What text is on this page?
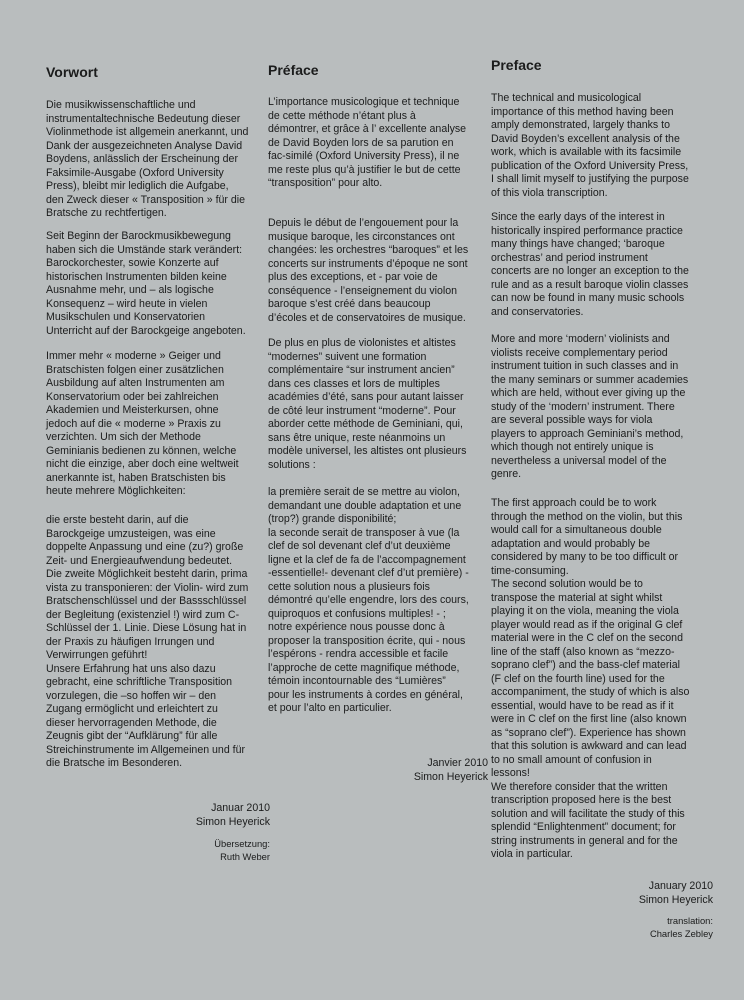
Vorwort
Die musikwissenschaftliche und
instrumentaltechnische Bedeutung dieser
Violinmethode ist allgemein anerkannt, und
Dank der ausgezeichneten Analyse David
Boydens, anlässlich der Erscheinung der
Faksimile-Ausgabe (Oxford University
Press), bleibt mir lediglich die Aufgabe,
den Zweck dieser « Transposition » für die
Bratsche zu rechtfertigen.
Seit Beginn der Barockmusikbewegung
haben sich die Umstände stark verändert:
Barockorchester, sowie Konzerte auf
historischen Instrumenten bilden keine
Ausnahme mehr, und – als logische
Konsequenz – wird heute in vielen
Musikschulen und Konservatorien
Unterricht auf der Barockgeige angeboten.
Immer mehr « moderne » Geiger und
Bratschisten folgen einer zusätzlichen
Ausbildung auf alten Instrumenten am
Konservatorium oder bei zahlreichen
Akademien und Meisterkursen, ohne
jedoch auf die « moderne » Praxis zu
verzichten. Um sich der Methode
Geminianis bedienen zu können, welche
nicht die einzige, aber doch eine weltweit
anerkannte ist, haben Bratschisten bis
heute mehrere Möglichkeiten:
die erste besteht darin, auf die
Barockgeige umzusteigen, was eine
doppelte Anpassung und eine (zu?) große
Zeit- und Energieaufwendung bedeutet.
Die zweite Möglichkeit besteht darin, prima
vista zu transponieren: der Violin- wird zum
Bratschenschlüssel und der Bassschlüssel
der Begleitung (existenziel !) wird zum C-
Schlüssel der 1. Linie. Diese Lösung hat in
der Praxis zu häufigen Irrungen und
Verwirrungen geführt!
Unsere Erfahrung hat uns also dazu
gebracht, eine schriftliche Transposition
vorzulegen, die –so hoffen wir – den
Zugang ermöglicht und erleichtert zu
dieser hervorragenden Methode, die
Zeugnis gibt der “Aufklärung” für alle
Streichinstrumente im Allgemeinen und für
die Bratsche im Besonderen.
Januar 2010
Simon Heyerick
Übersetzung:
Ruth Weber
Préface
L’importance musicologique et technique
de cette méthode n’étant plus à
démontrer, et grâce à l’ excellente analyse
de David Boyden lors de sa parution en
fac-similé (Oxford University Press), il ne
me reste plus qu’à justifier le but de cette
“transposition” pour alto.
Depuis le début de l’engouement pour la
musique baroque, les circonstances ont
changées: les orchestres “baroques” et les
concerts sur instruments d’époque ne sont
plus des exceptions, et - par voie de
conséquence - l’enseignement du violon
baroque s’est créé dans beaucoup
d’écoles et de conservatoires de musique.
De plus en plus de violonistes et altistes
“modernes” suivent une formation
complémentaire “sur instrument ancien”
dans ces classes et lors de multiples
académies d’été, sans pour autant laisser
de côté leur instrument “moderne”. Pour
aborder cette méthode de Geminiani, qui,
sans être unique, reste néanmoins un
modèle universel, les altistes ont plusieurs
solutions :
la première serait de se mettre au violon,
demandant une double adaptation et une
(trop?) grande disponibilité;
la seconde serait de transposer à vue (la
clef de sol devenant clef d’ut deuxième
ligne et la clef de fa de l’accompagnement
-essentielle!- devenant clef d’ut première) -
cette solution nous a plusieurs fois
démontré qu’elle engendre, lors des cours,
quiproquos et confusions multiples! - ;
notre expérience nous pousse donc à
proposer la transposition écrite, qui - nous
l’espérons - rendra accessible et facile
l’approche de cette magnifique méthode,
témoin incontournable des “Lumières”
pour les instruments à cordes en général,
et pour l’alto en particulier.
Janvier 2010
Simon Heyerick
Preface
The technical and musicological
importance of this method having been
amply demonstrated, largely thanks to
David Boyden’s excellent analysis of the
work, which is available with its facsimile
publication of the Oxford University Press,
I shall limit myself to justifying the purpose
of this viola transcription.
Since the early days of the interest in
historically inspired performance practice
many things have changed; ‘baroque
orchestras’ and period instrument
concerts are no longer an exception to the
rule and as a result baroque violin classes
can now be found in many music schools
and conservatories.
More and more ‘modern’ violinists and
violists receive complementary period
instrument tuition in such classes and in
the many seminars or summer academies
which are held, without ever giving up the
study of the ‘modern’ instrument. There
are several possible ways for viola
players to approach Geminiani’s method,
which though not entirely unique is
nevertheless a universal model of the
genre.
The first approach could be to work
through the method on the violin, but this
would call for a simultaneous double
adaptation and would probably be
considered by many to be too difficult or
time-consuming.
The second solution would be to
transpose the material at sight whilst
playing it on the viola, meaning the viola
player would read as if the original G clef
material were in the C clef on the second
line of the staff (also known as “mezzo-
soprano clef”) and the bass-clef material
(F clef on the fourth line) used for the
accompaniment, the study of which is also
essential, would have to be read as if it
were in C clef on the first line (also known
as “soprano clef”). Experience has shown
that this solution is awkward and can lead
to no small amount of confusion in
lessons!
We therefore consider that the written
transcription proposed here is the best
solution and will facilitate the study of this
splendid “Enlightenment” document; for
string instruments in general and for the
viola in particular.
January 2010
Simon Heyerick
translation:
Charles Zebley
